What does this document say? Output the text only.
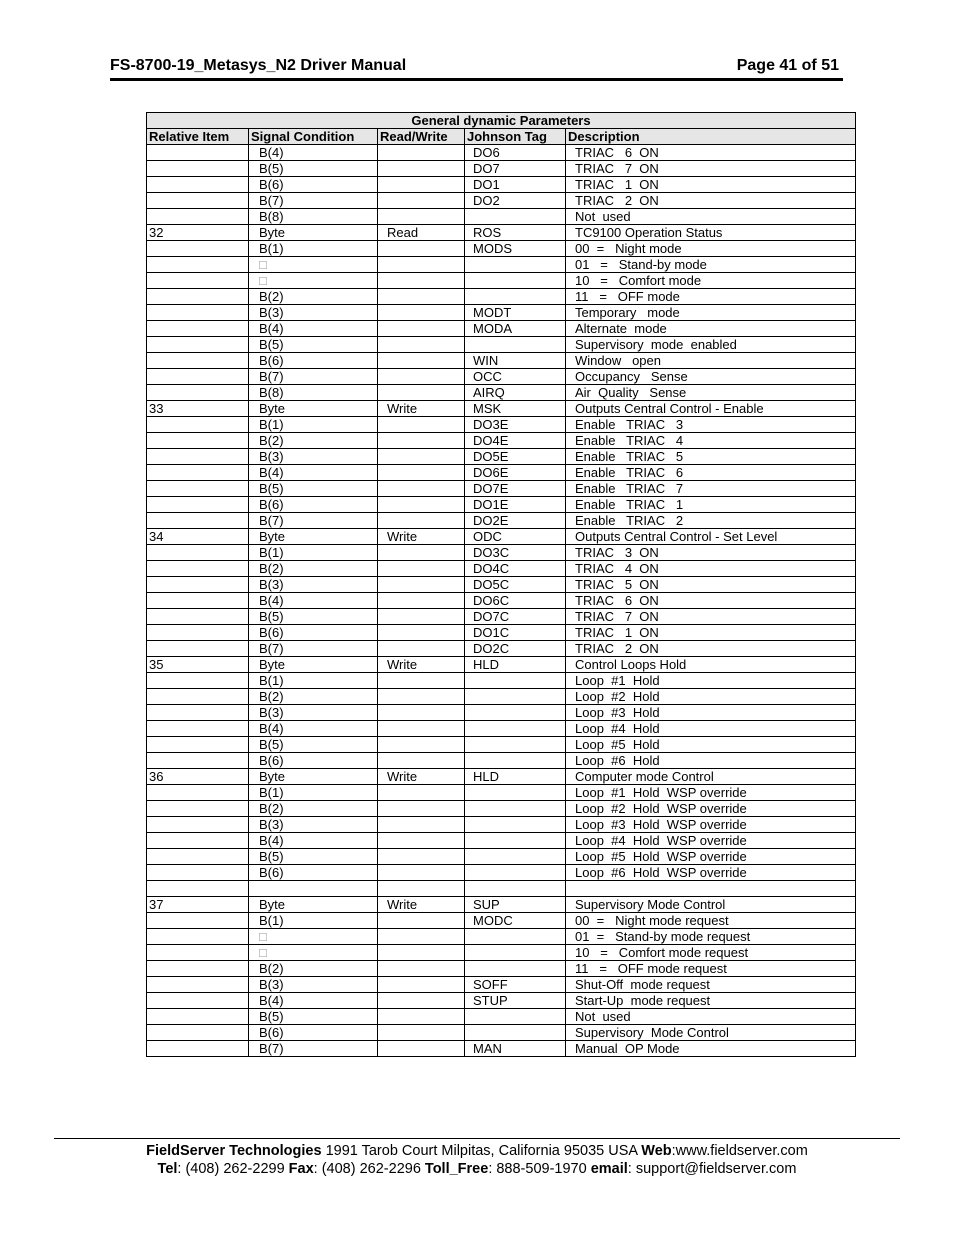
FS-8700-19_Metasys_N2 Driver Manual	Page 41 of 51
General dynamic Parameters				
Relative Item	Signal Condition	Read/Write	Johnson Tag	Description
	B(4)		DO6	TRIAC   6  ON
	B(5)		DO7	TRIAC   7  ON
	B(6)		DO1	TRIAC   1  ON
	B(7)		DO2	TRIAC   2  ON
	B(8)			Not  used
32	Byte	Read	ROS	TC9100 Operation Status
	B(1)		MODS	00  =   Night mode
	□			01   =   Stand-by mode
	□			10   =   Comfort mode
	B(2)			11   =   OFF mode
	B(3)		MODT	Temporary   mode
	B(4)		MODA	Alternate  mode
	B(5)			Supervisory  mode  enabled
	B(6)		WIN	Window   open
	B(7)		OCC	Occupancy   Sense
	B(8)		AIRQ	Air  Quality   Sense
33	Byte	Write	MSK	Outputs Central Control - Enable
	B(1)		DO3E	Enable   TRIAC   3
	B(2)		DO4E	Enable   TRIAC   4
	B(3)		DO5E	Enable   TRIAC   5
	B(4)		DO6E	Enable   TRIAC   6
	B(5)		DO7E	Enable   TRIAC   7
	B(6)		DO1E	Enable   TRIAC   1
	B(7)		DO2E	Enable   TRIAC   2
34	Byte	Write	ODC	Outputs Central Control - Set Level
	B(1)		DO3C	TRIAC   3  ON
	B(2)		DO4C	TRIAC   4  ON
	B(3)		DO5C	TRIAC   5  ON
	B(4)		DO6C	TRIAC   6  ON
	B(5)		DO7C	TRIAC   7  ON
	B(6)		DO1C	TRIAC   1  ON
	B(7)		DO2C	TRIAC   2  ON
35	Byte	Write	HLD	Control Loops Hold
	B(1)			Loop  #1  Hold
	B(2)			Loop  #2  Hold
	B(3)			Loop  #3  Hold
	B(4)			Loop  #4  Hold
	B(5)			Loop  #5  Hold
	B(6)			Loop  #6  Hold
36	Byte	Write	HLD	Computer mode Control
	B(1)			Loop  #1  Hold  WSP override
	B(2)			Loop  #2  Hold  WSP override
	B(3)			Loop  #3  Hold  WSP override
	B(4)			Loop  #4  Hold  WSP override
	B(5)			Loop  #5  Hold  WSP override
	B(6)			Loop  #6  Hold  WSP override

37	Byte	Write	SUP	Supervisory Mode Control
	B(1)		MODC	00  =   Night mode request
	□			01  =   Stand-by mode request
	□			10   =   Comfort mode request
	B(2)			11   =   OFF mode request
	B(3)		SOFF	Shut-Off  mode request
	B(4)		STUP	Start-Up  mode request
	B(5)			Not  used
	B(6)			Supervisory  Mode Control
	B(7)		MAN	Manual  OP Mode
FieldServer Technologies 1991 Tarob Court Milpitas, California 95035 USA Web:www.fieldserver.com
Tel: (408) 262-2299 Fax: (408) 262-2296 Toll_Free: 888-509-1970 email: support@fieldserver.com
